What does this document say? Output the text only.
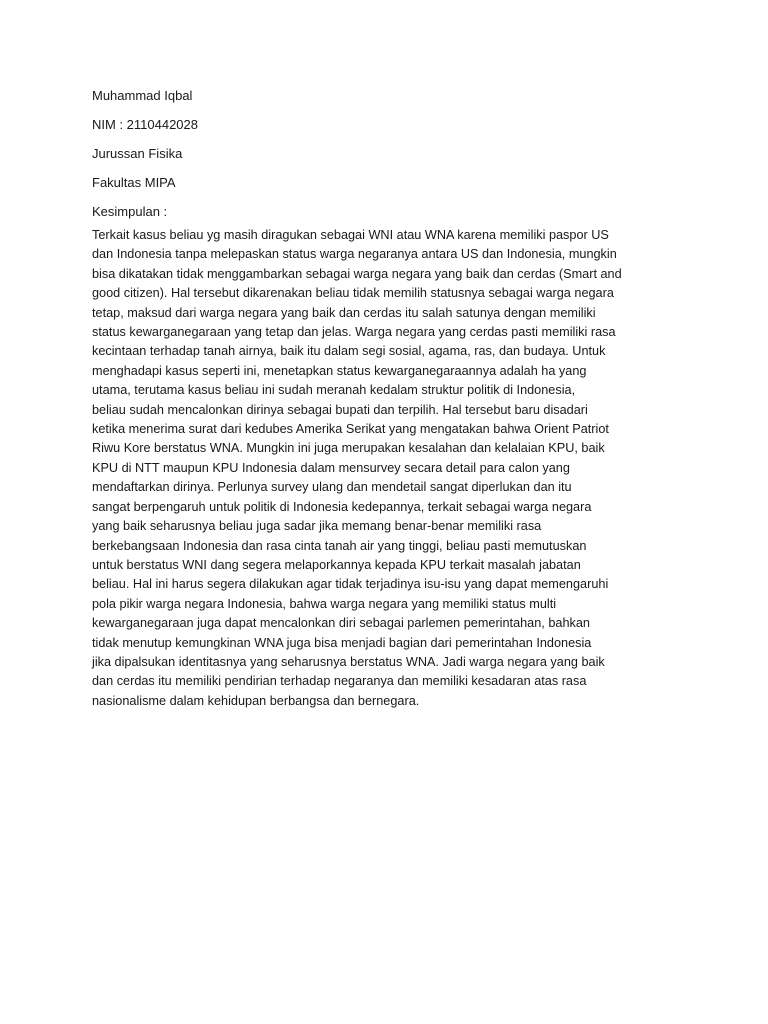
Muhammad Iqbal

NIM : 2110442028

Jurussan Fisika

Fakultas MIPA

Kesimpulan :

Terkait kasus beliau yg masih diragukan sebagai WNI atau WNA karena memiliki paspor US
dan Indonesia tanpa melepaskan status warga negaranya antara US dan Indonesia, mungkin
bisa dikatakan tidak menggambarkan sebagai warga negara yang baik dan cerdas (Smart and
good citizen). Hal tersebut dikarenakan beliau tidak memilih statusnya sebagai warga negara
tetap, maksud dari warga negara yang baik dan cerdas itu salah satunya dengan memiliki
status kewarganegaraan yang tetap dan jelas. Warga negara yang cerdas pasti memiliki rasa
kecintaan terhadap tanah airnya, baik itu dalam segi sosial, agama, ras, dan budaya. Untuk
menghadapi kasus seperti ini, menetapkan status kewarganegaraannya adalah ha yang
utama, terutama kasus beliau ini sudah meranah kedalam struktur politik di Indonesia,
beliau sudah mencalonkan dirinya sebagai bupati dan terpilih. Hal tersebut baru disadari
ketika menerima surat dari kedubes Amerika Serikat yang mengatakan bahwa Orient Patriot
Riwu Kore berstatus WNA. Mungkin ini juga merupakan kesalahan dan kelalaian KPU, baik
KPU di NTT maupun KPU Indonesia dalam mensurvey secara detail para calon yang
mendaftarkan dirinya. Perlunya survey ulang dan mendetail sangat diperlukan dan itu
sangat berpengaruh untuk politik di Indonesia kedepannya, terkait sebagai warga negara
yang baik seharusnya beliau juga sadar jika memang benar-benar memiliki rasa
berkebangsaan Indonesia dan rasa cinta tanah air yang tinggi, beliau pasti memutuskan
untuk berstatus WNI dang segera melaporkannya kepada KPU terkait masalah jabatan
beliau. Hal ini harus segera dilakukan agar tidak terjadinya isu-isu yang dapat memengaruhi
pola pikir warga negara Indonesia, bahwa warga negara yang memiliki status multi
kewarganegaraan juga dapat mencalonkan diri sebagai parlemen pemerintahan, bahkan
tidak menutup kemungkinan WNA juga bisa menjadi bagian dari pemerintahan Indonesia
jika dipalsukan identitasnya yang seharusnya berstatus WNA. Jadi warga negara yang baik
dan cerdas itu memiliki pendirian terhadap negaranya dan memiliki kesadaran atas rasa
nasionalisme dalam kehidupan berbangsa dan bernegara.
